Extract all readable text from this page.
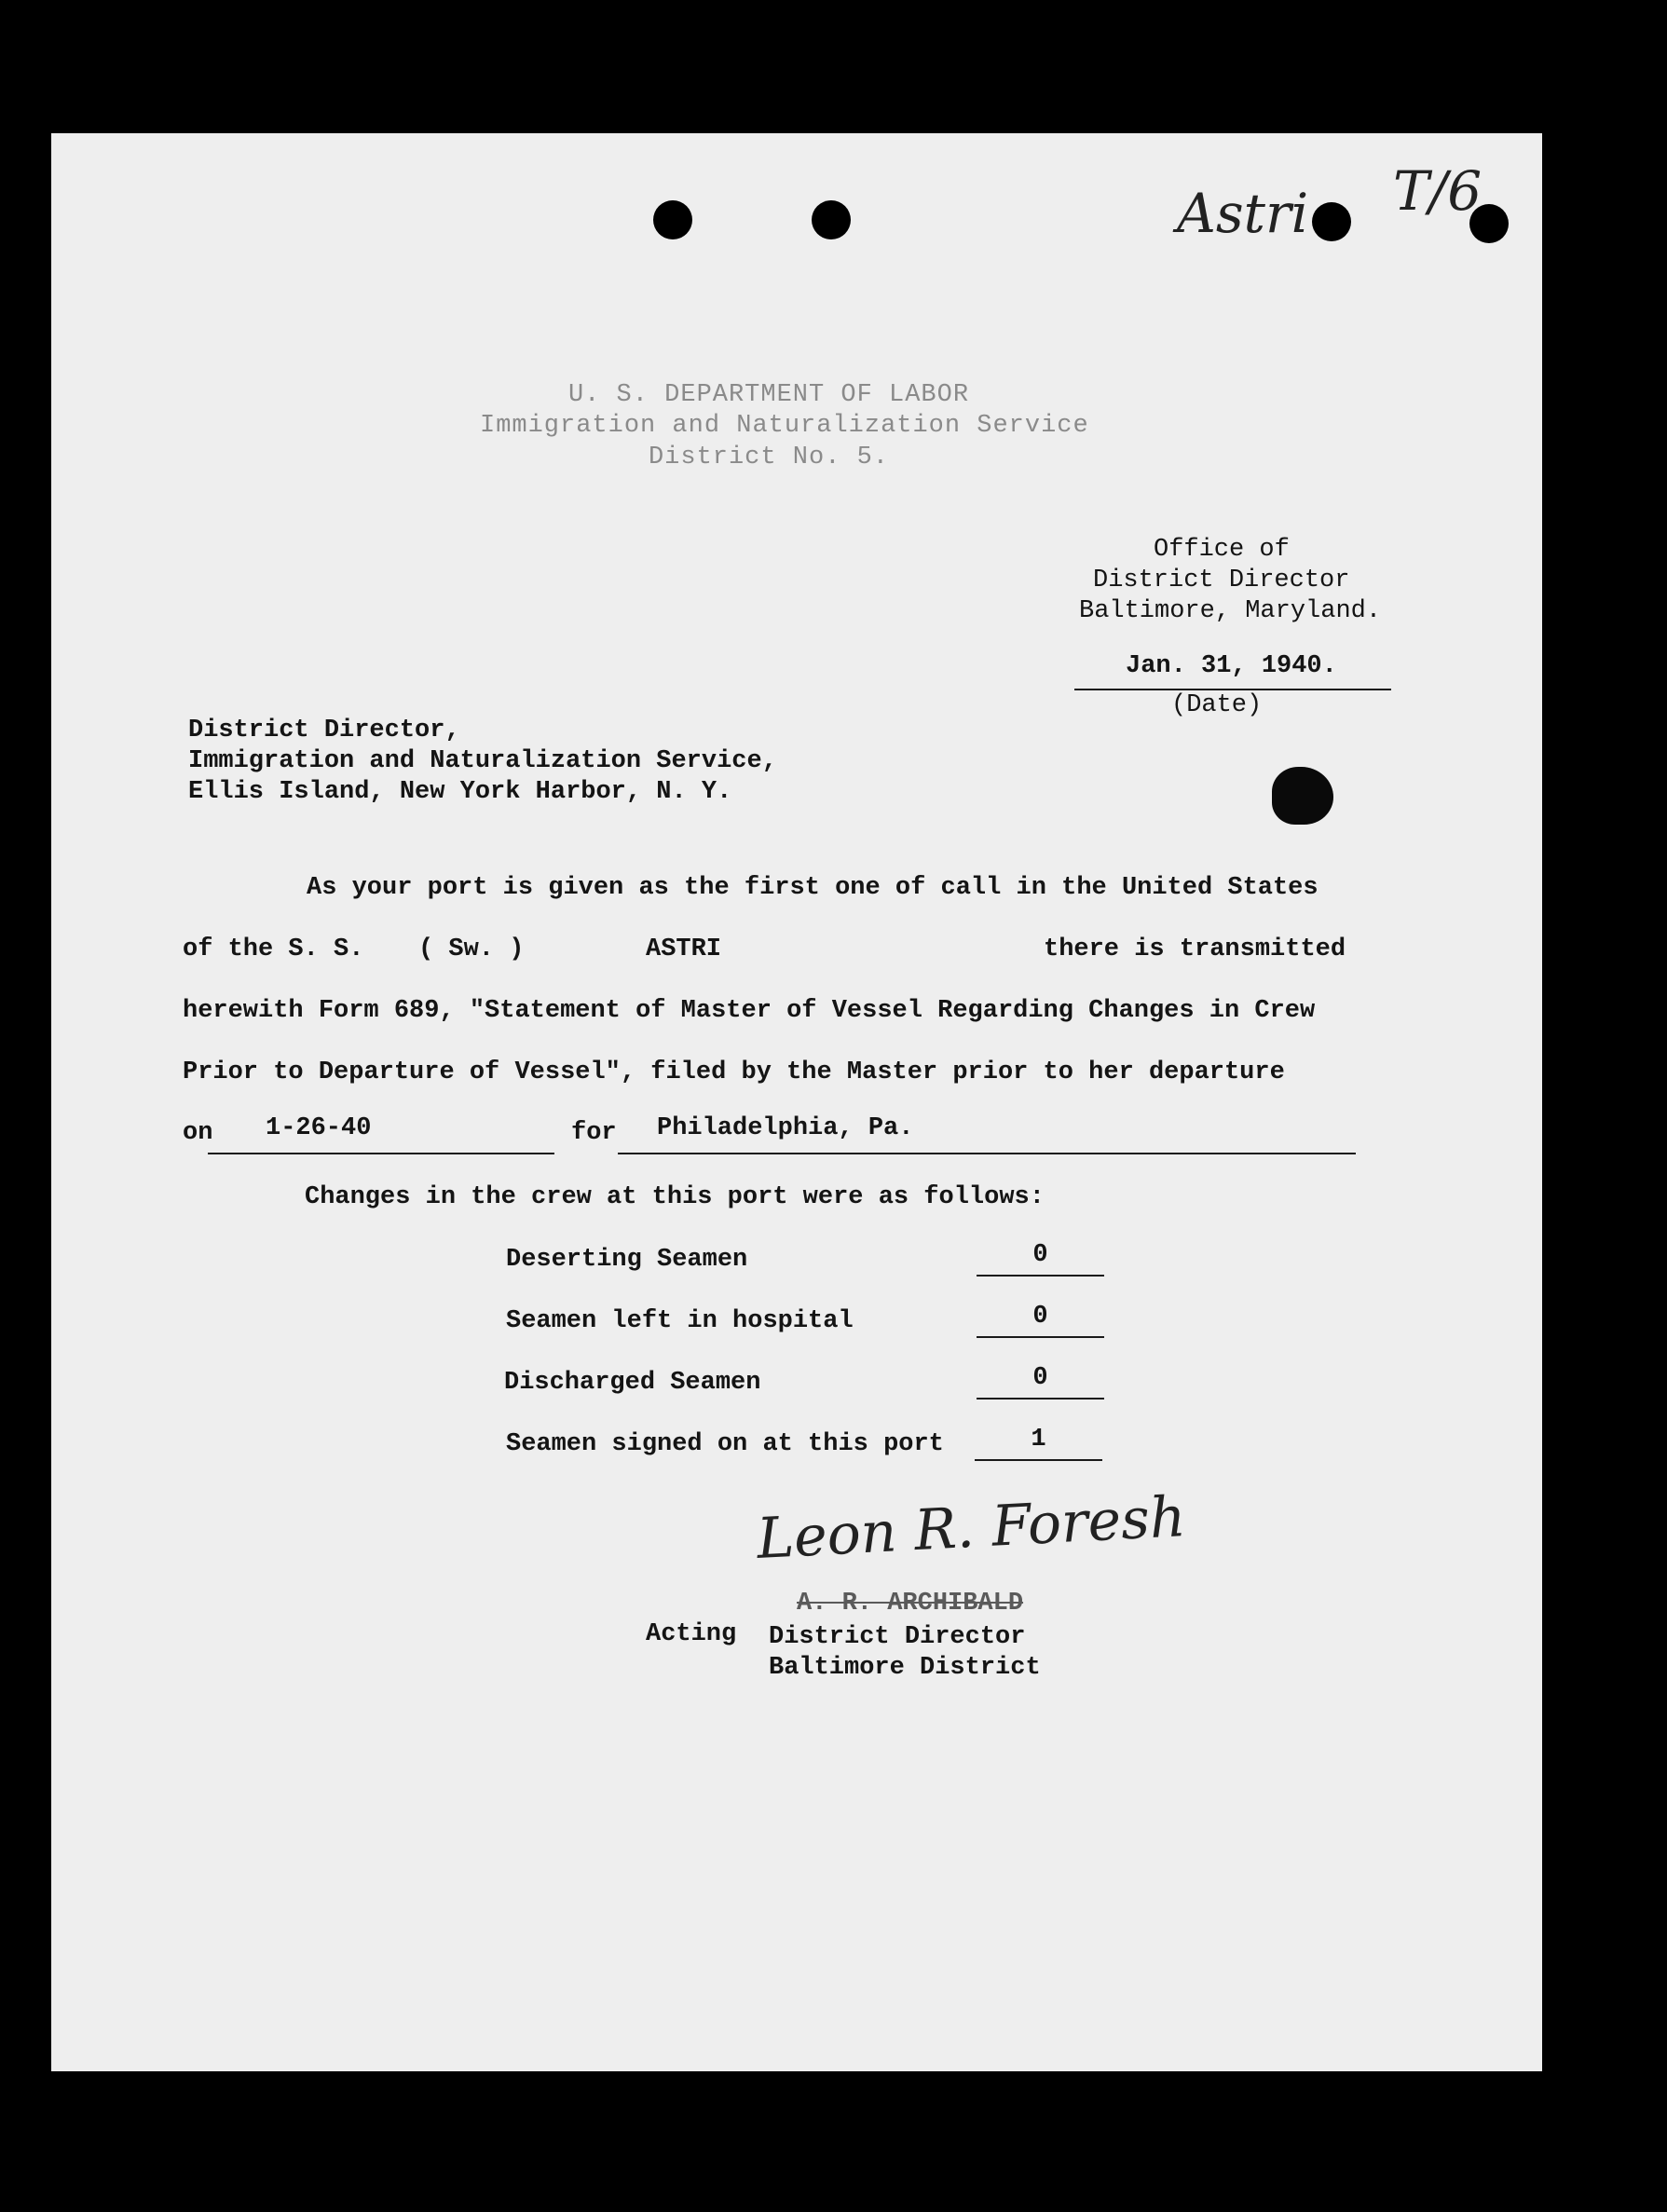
Astri T/6
U. S. DEPARTMENT OF LABOR
Immigration and Naturalization Service
District No. 5.
Office of
District Director
Baltimore, Maryland.
Jan. 31, 1940.
(Date)
District Director,
Immigration and Naturalization Service,
Ellis Island, New York Harbor, N. Y.
As your port is given as the first one of call in the United States
of the S. S. ( Sw. )	ASTRI	there is transmitted
herewith Form 689, "Statement of Master of Vessel Regarding Changes in Crew
Prior to Departure of Vessel", filed by the Master prior to her departure
on 1-26-40	for Philadelphia, Pa.
Changes in the crew at this port were as follows:
Deserting Seamen	0
Seamen left in hospital	0
Discharged Seamen	0
Seamen signed on at this port	1
Leon R. Foresh
A. R. ARCHIBALD
Acting District Director
Baltimore District
